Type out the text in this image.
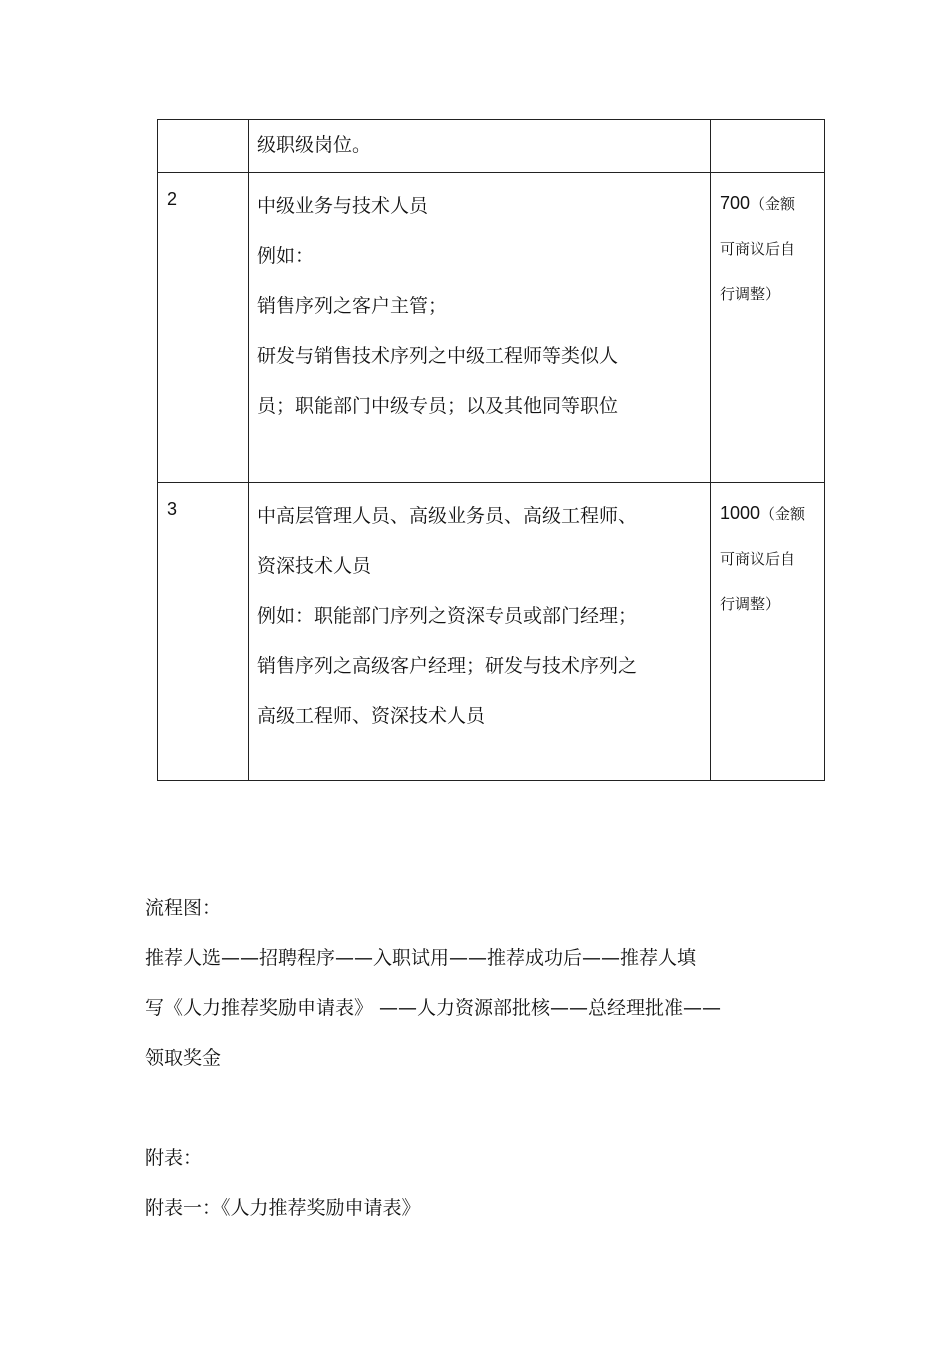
	级职级岗位。	

2	中级业务与技术人员
例如：
销售序列之客户主管；
研发与销售技术序列之中级工程师等类似人
员；职能部门中级专员；以及其他同等职位	700（金额
可商议后自
行调整）

3	中高层管理人员、高级业务员、高级工程师、
资深技术人员
例如：职能部门序列之资深专员或部门经理；
销售序列之高级客户经理；研发与技术序列之
高级工程师、资深技术人员	1000（金额
可商议后自
行调整）
流程图：
推荐人选——招聘程序——入职试用——推荐成功后——推荐人填
写《人力推荐奖励申请表》 ——人力资源部批核——总经理批准——
领取奖金
附表：
附表一：《人力推荐奖励申请表》
